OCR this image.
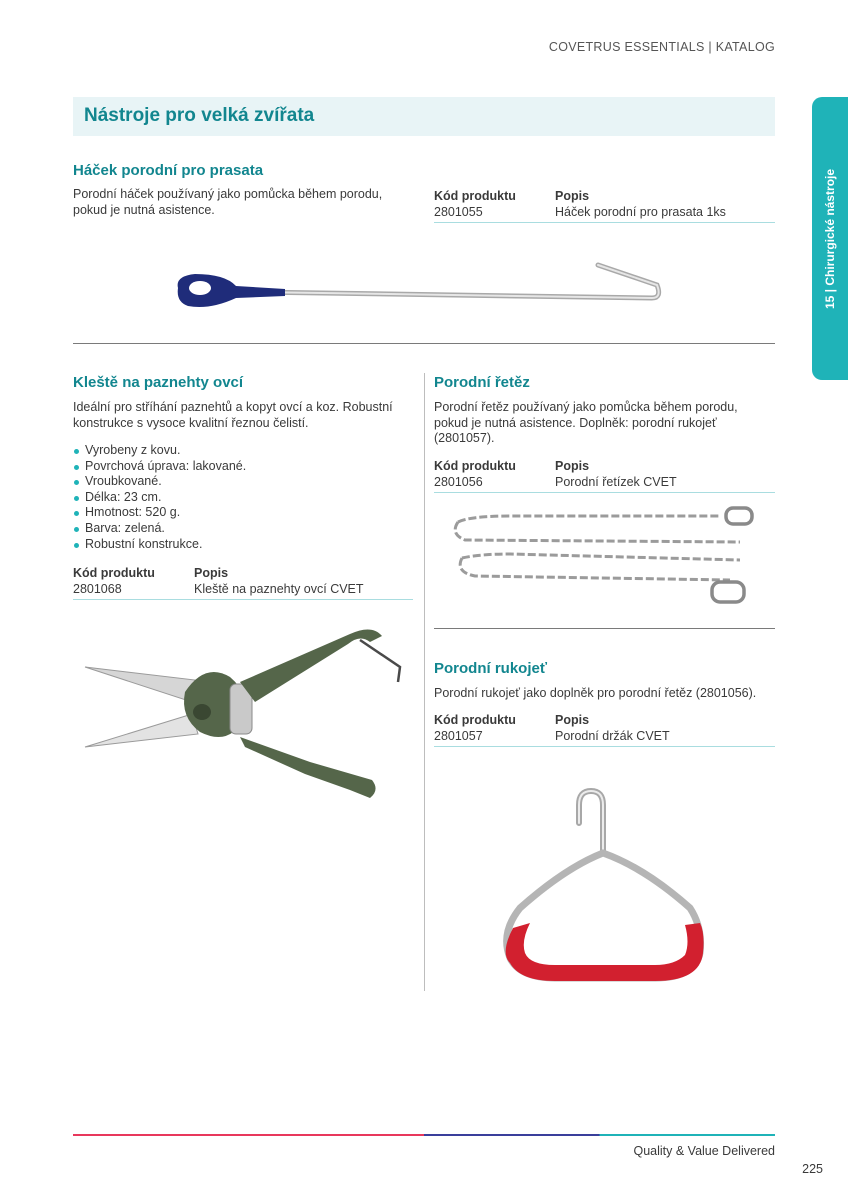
COVETRUS ESSENTIALS | KATALOG
15 | Chirurgické nástroje
Nástroje pro velká zvířata
Háček porodní pro prasata
Porodní háček používaný jako pomůcka během porodu, pokud je nutná asistence.
Kód produktu	Popis
2801055	Háček porodní pro prasata 1ks
Kleště na paznehty ovcí
Ideální pro stříhání paznehtů a kopyt ovcí a koz. Robustní konstrukce s vysoce kvalitní řeznou čelistí.
Vyrobeny z kovu.
Povrchová úprava: lakované.
Vroubkované.
Délka: 23 cm.
Hmotnost: 520 g.
Barva: zelená.
Robustní konstrukce.
Kód produktu	Popis
2801068	Kleště na paznehty ovcí CVET
Porodní řetěz
Porodní řetěz používaný jako pomůcka během porodu, pokud je nutná asistence. Doplněk: porodní rukojeť (2801057).
Kód produktu	Popis
2801056	Porodní řetízek CVET
Porodní rukojeť
Porodní rukojeť jako doplněk pro porodní řetěz (2801056).
Kód produktu	Popis
2801057	Porodní držák CVET
Quality & Value Delivered
225
